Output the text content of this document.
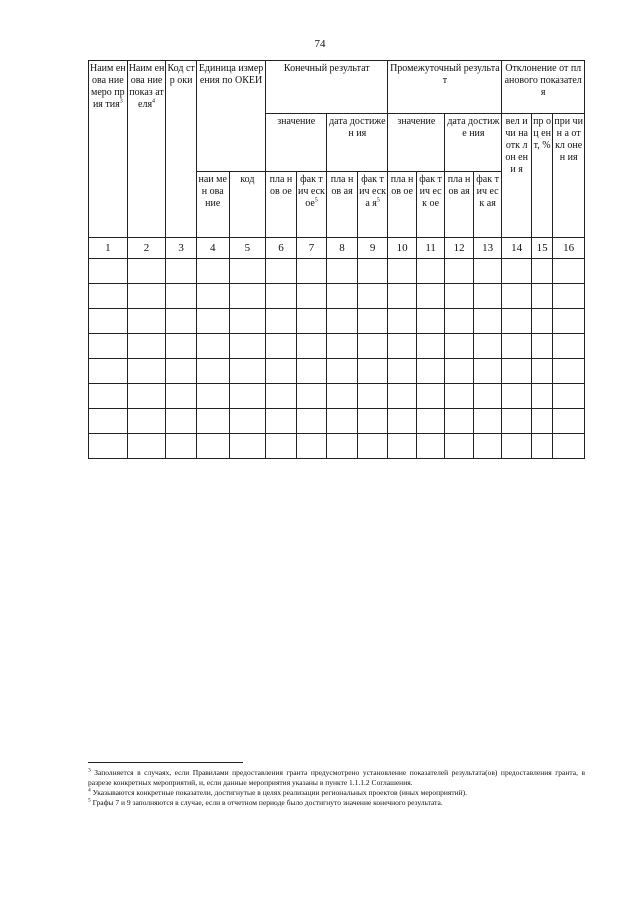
74
Наим енова ние меро прия тия$^3$	Наим енова ние показ ателя$^4$	Код стр оки	Единица измерения по ОКЕИ		Конечный результат				Промежуточный результат				Отклонение от планового показателя		
					значение		дата достижен ия		значение		дата достиже ния		вел ичи на отк лон ени я	пр оц ен т, %	при чин а откл онен ия
			наи мен ова ние	код	пла нов ое	фак тич еск $ое^5$	пла нов ая	фак тич еска $я^5$	пла нов ое	фак тич еск ое	пла нов ая	фак тич еск ая			
1	2	3	4	5	6	7	8	9	10	11	12	13	14	15	16

$^3$ Заполняется в случаях, если Правилами предоставления гранта предусмотрено установление показателей результата(ов) предоставления гранта, в разрезе конкретных мероприятий, и, если данные мероприятия указаны в пункте 1.1.1.2 Соглашения.

$^4$ Указываются конкретные показатели, достигнутые в целях реализации региональных проектов (иных мероприятий).

$^5$ Графы 7 и 9 заполняются в случае, если в отчетном периоде было достигнуто значение конечного результата.
